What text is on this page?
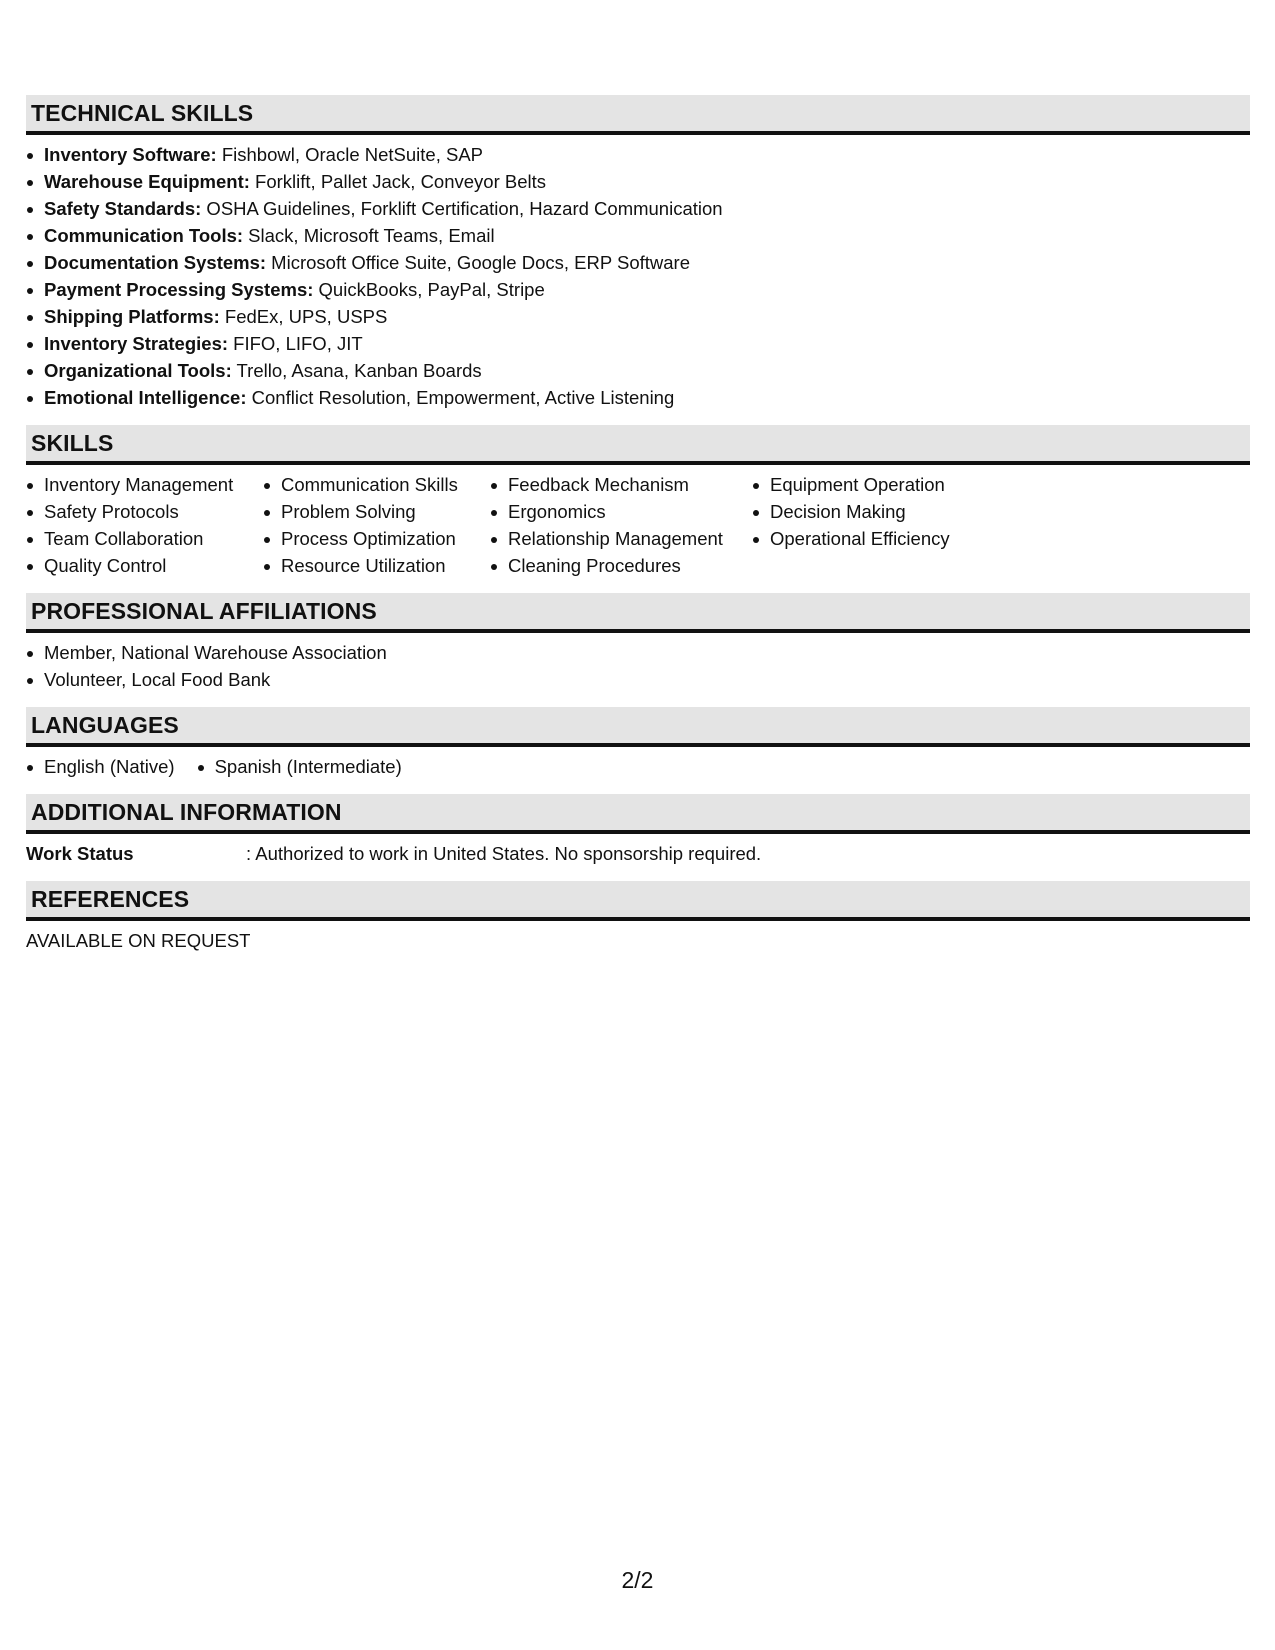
TECHNICAL SKILLS
Inventory Software: Fishbowl, Oracle NetSuite, SAP
Warehouse Equipment: Forklift, Pallet Jack, Conveyor Belts
Safety Standards: OSHA Guidelines, Forklift Certification, Hazard Communication
Communication Tools: Slack, Microsoft Teams, Email
Documentation Systems: Microsoft Office Suite, Google Docs, ERP Software
Payment Processing Systems: QuickBooks, PayPal, Stripe
Shipping Platforms: FedEx, UPS, USPS
Inventory Strategies: FIFO, LIFO, JIT
Organizational Tools: Trello, Asana, Kanban Boards
Emotional Intelligence: Conflict Resolution, Empowerment, Active Listening
SKILLS
Inventory Management
Safety Protocols
Team Collaboration
Quality Control
Communication Skills
Problem Solving
Process Optimization
Resource Utilization
Feedback Mechanism
Ergonomics
Relationship Management
Cleaning Procedures
Equipment Operation
Decision Making
Operational Efficiency
PROFESSIONAL AFFILIATIONS
Member, National Warehouse Association
Volunteer, Local Food Bank
LANGUAGES
English (Native)	Spanish (Intermediate)
ADDITIONAL INFORMATION
Work Status	: Authorized to work in United States. No sponsorship required.
REFERENCES
AVAILABLE ON REQUEST
2/2
